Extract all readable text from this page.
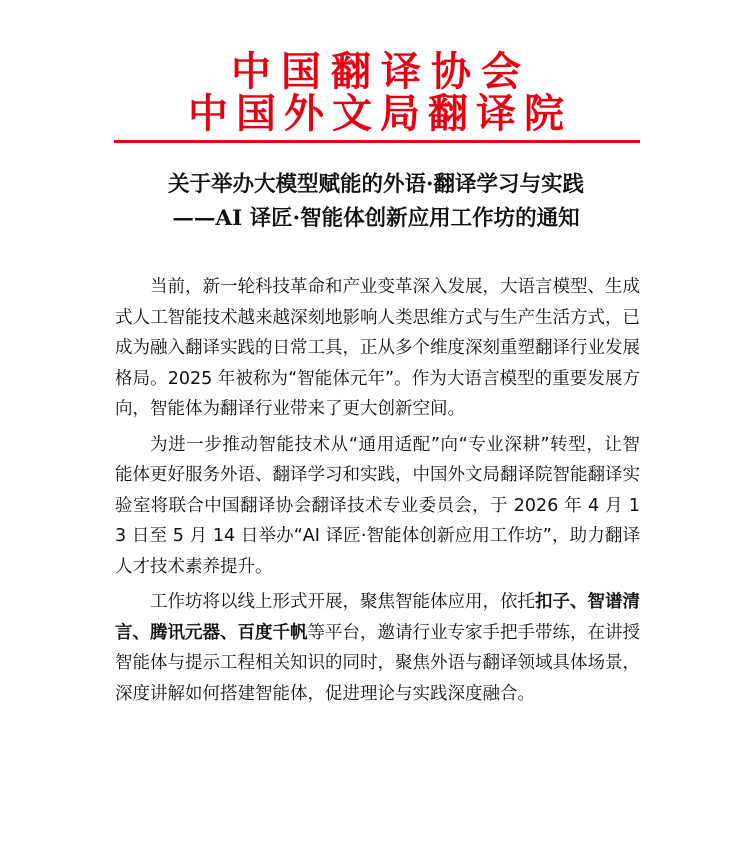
中国翻译协会
中国外文局翻译院
关于举办大模型赋能的外语·翻译学习与实践
——AI 译匠·智能体创新应用工作坊的通知

当前，新一轮科技革命和产业变革深入发展，大语言模型、生成式人工智能技术越来越深刻地影响人类思维方式与生产生活方式，已成为融入翻译实践的日常工具，正从多个维度深刻重塑翻译行业发展格局。2025 年被称为“智能体元年”。作为大语言模型的重要发展方向，智能体为翻译行业带来了更大创新空间。

为进一步推动智能技术从“通用适配”向“专业深耕”转型，让智能体更好服务外语、翻译学习和实践，中国外文局翻译院智能翻译实验室将联合中国翻译协会翻译技术专业委员会，于 2026 年 4 月 13 日至 5 月 14 日举办“AI 译匠·智能体创新应用工作坊”，助力翻译人才技术素养提升。

工作坊将以线上形式开展，聚焦智能体应用，依托扣子、智谱清言、腾讯元器、百度千帆等平台，邀请行业专家手把手带练，在讲授智能体与提示工程相关知识的同时，聚焦外语与翻译领域具体场景，深度讲解如何搭建智能体，促进理论与实践深度融合。
